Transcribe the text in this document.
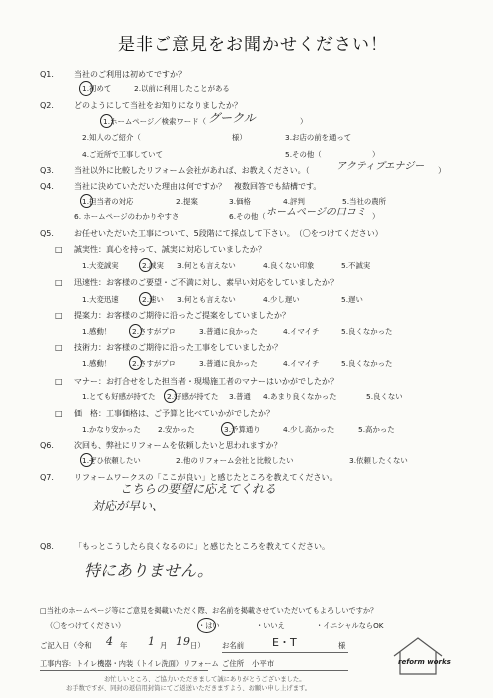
是非ご意見をお聞かせください！
Q1.	当社のご利用は初めてですか？
1.初めて	2.以前に利用したことがある
Q2.	どのようにして当社をお知りになりましたか？
1.ホームページ／検索ワード（ グークル	）
2.知人のご紹介（	様）	3.お店の前を通って
4.ご近所で工事していて	5.その他（	）
Q3.	当社以外に比較したリフォーム会社があれば、お教えください。（	アクティブエナジー ）
Q4.	当社に決めていただいた理由は何ですか？　複数回答でも結構です。
1.担当者の対応	2.提案	3.価格	4.評判	5.当社の農所
6. ホームページのわかりやすさ	6.その他（ ホームページの口コミ ）
Q5.	お任せいただいた工事について、5段階にて採点して下さい。　（〇をつけてください）
□ 誠実性：真心を持って、誠実に対応していましたか？
1.大変誠実	2.誠実 3.何とも言えない	4.良くない印象	5.不誠実
□ 迅速性：お客様のご要望・ご不満に対し、素早い対応をしていましたか？
1.大変迅速	2.速い 3.何とも言えない	4.少し遅い	5.遅い
□ 提案力：お客様のご期待に沿ったご提案をしていましたか？
1.感動！	2.さすがプロ	3.普通に良かった	4.イマイチ	5.良くなかった
□ 技術力：お客様のご期待に沿った工事をしていましたか？
1.感動！	2.さすがプロ	3.普通に良かった	4.イマイチ	5.良くなかった
□ マナー：お打合せをした担当者・現場施工者のマナーはいかがでしたか？
1.とても好感が持てた 2.好感が持てた 3.普通 4.あまり良くなかった	5.良くない
□ 価　格：工事価格は、ご予算と比べていかがでしたか？
1.かなり安かった 2.安かった	3.予算通り	4.少し高かった	5.高かった
Q6.	次回も、弊社にリフォームを依頼したいと思われますか？
1.ぜひ依頼したい	2.他のリフォーム会社と比較したい	3.依頼したくない
Q7.	リフォームワークスの「ここが良い」と感じたところを教えてください。
こちらの要望に応えてくれる
対応が早い、
Q8.	「もっとこうしたら良くなるのに」と感じたところを教えてください。
特にありません。
□当社のホームページ等にご意見を掲載いただく際、お名前を掲載させていただいてもよろしいですか？
（〇をつけてください）	・はい	・いいえ	・イニシャルならOK
ご記入日（令和 4 年 1 月 19 日） お名前	E・T	様
工事内容: トイレ機器・内装（トイレ洗面）リフォーム ご住所 小平市	reform works
お忙しいところ、ご協力いただきまして誠にありがとうございました。
お手数ですが、同封の返信用封筒にてご返送いただきますよう、お願い申し上げます。
